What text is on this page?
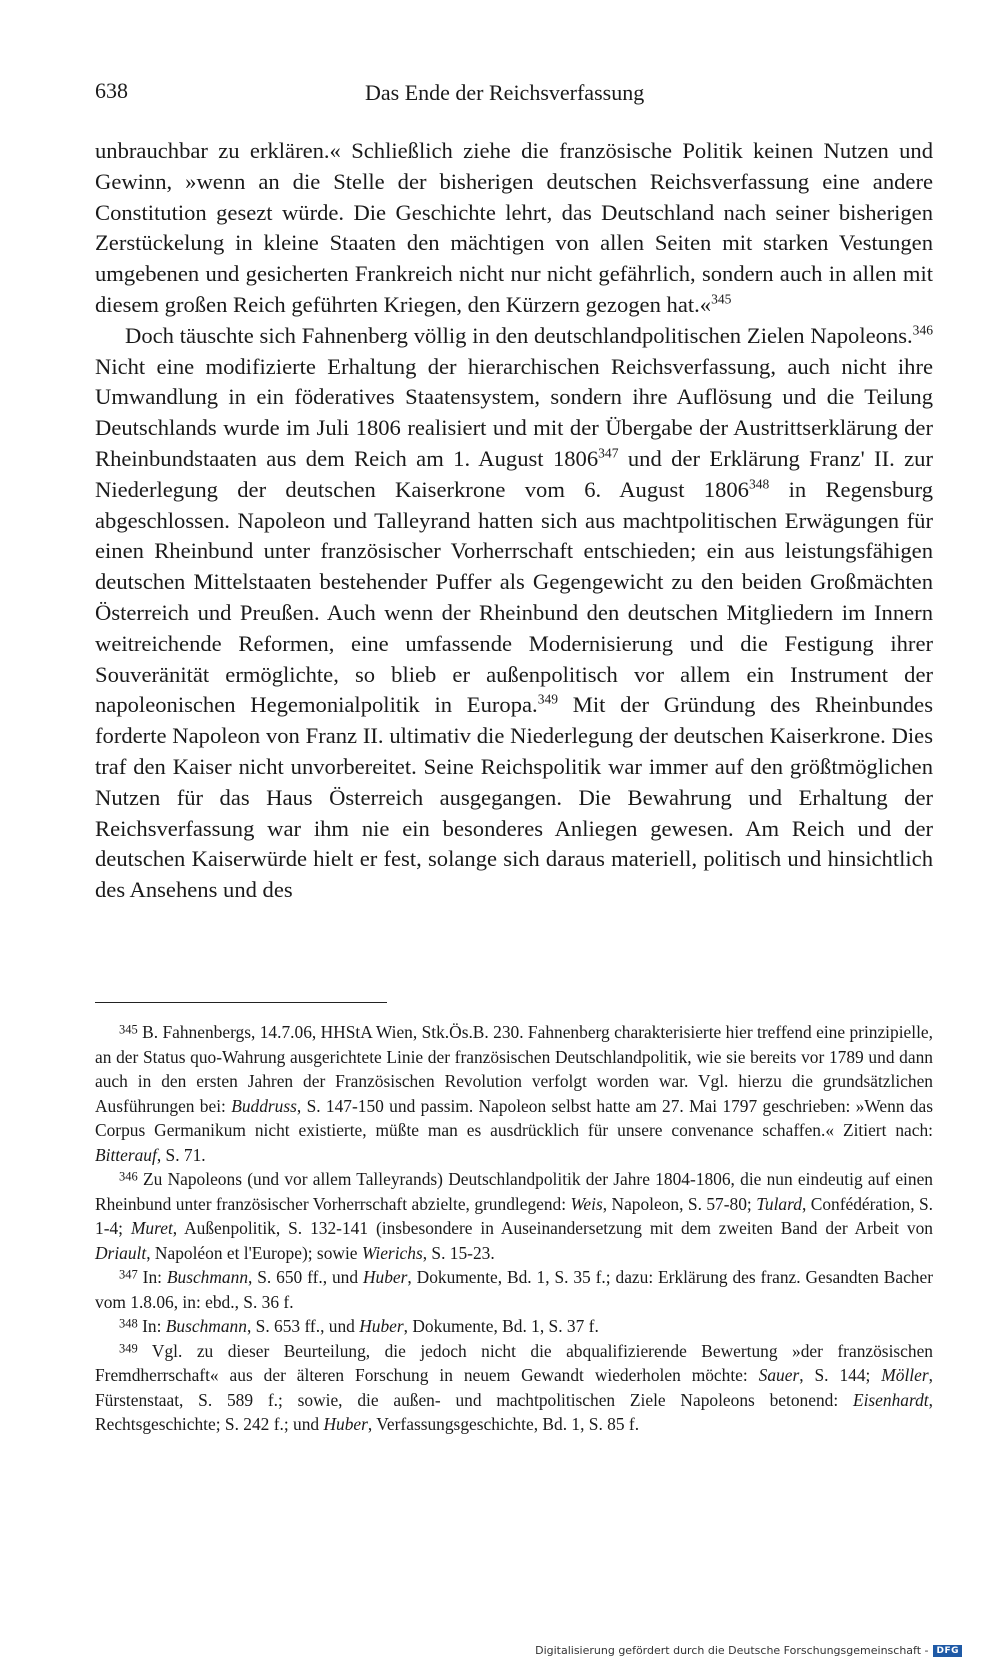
638	Das Ende der Reichsverfassung

unbrauchbar zu erklären.« Schließlich ziehe die französische Politik keinen Nutzen und Gewinn, »wenn an die Stelle der bisherigen deutschen Reichsverfassung eine andere Constitution gesezt würde. Die Geschichte lehrt, das Deutschland nach seiner bisherigen Zerstückelung in kleine Staaten den mächtigen von allen Seiten mit starken Vestungen umgebenen und gesicherten Frankreich nicht nur nicht gefährlich, sondern auch in allen mit diesem großen Reich geführten Kriegen, den Kürzern gezogen hat.«$^{345}$

Doch täuschte sich Fahnenberg völlig in den deutschlandpolitischen Zielen Napoleons.$^{346}$ Nicht eine modifizierte Erhaltung der hierarchischen Reichsverfassung, auch nicht ihre Umwandlung in ein föderatives Staatensystem, sondern ihre Auflösung und die Teilung Deutschlands wurde im Juli 1806 realisiert und mit der Übergabe der Austrittserklärung der Rheinbundstaaten aus dem Reich am 1. August 1806$^{347}$ und der Erklärung Franz' II. zur Niederlegung der deutschen Kaiserkrone vom 6. August 1806$^{348}$ in Regensburg abgeschlossen. Napoleon und Talleyrand hatten sich aus machtpolitischen Erwägungen für einen Rheinbund unter französischer Vorherrschaft entschieden; ein aus leistungsfähigen deutschen Mittelstaaten bestehender Puffer als Gegengewicht zu den beiden Großmächten Österreich und Preußen. Auch wenn der Rheinbund den deutschen Mitgliedern im Innern weitreichende Reformen, eine umfassende Modernisierung und die Festigung ihrer Souveränität ermöglichte, so blieb er außenpolitisch vor allem ein Instrument der napoleonischen Hegemonialpolitik in Europa.$^{349}$ Mit der Gründung des Rheinbundes forderte Napoleon von Franz II. ultimativ die Niederlegung der deutschen Kaiserkrone. Dies traf den Kaiser nicht unvorbereitet. Seine Reichspolitik war immer auf den größtmöglichen Nutzen für das Haus Österreich ausgegangen. Die Bewahrung und Erhaltung der Reichsverfassung war ihm nie ein besonderes Anliegen gewesen. Am Reich und der deutschen Kaiserwürde hielt er fest, solange sich daraus materiell, politisch und hinsichtlich des Ansehens und des

$^{345}$ B. Fahnenbergs, 14.7.06, HHStA Wien, Stk.Ös.B. 230. Fahnenberg charakterisierte hier treffend eine prinzipielle, an der Status quo-Wahrung ausgerichtete Linie der französischen Deutschlandpolitik, wie sie bereits vor 1789 und dann auch in den ersten Jahren der Französischen Revolution verfolgt worden war. Vgl. hierzu die grundsätzlichen Ausführungen bei: Buddruss, S. 147-150 und passim. Napoleon selbst hatte am 27. Mai 1797 geschrieben: »Wenn das Corpus Germanikum nicht existierte, müßte man es ausdrücklich für unsere convenance schaffen.« Zitiert nach: Bitterauf, S. 71.

$^{346}$ Zu Napoleons (und vor allem Talleyrands) Deutschlandpolitik der Jahre 1804-1806, die nun eindeutig auf einen Rheinbund unter französischer Vorherrschaft abzielte, grundlegend: Weis, Napoleon, S. 57-80; Tulard, Confédération, S. 1-4; Muret, Außenpolitik, S. 132-141 (insbesondere in Auseinandersetzung mit dem zweiten Band der Arbeit von Driault, Napoléon et l'Europe); sowie Wierichs, S. 15-23.

$^{347}$ In: Buschmann, S. 650 ff., und Huber, Dokumente, Bd. 1, S. 35 f.; dazu: Erklärung des franz. Gesandten Bacher vom 1.8.06, in: ebd., S. 36 f.

$^{348}$ In: Buschmann, S. 653 ff., und Huber, Dokumente, Bd. 1, S. 37 f.

$^{349}$ Vgl. zu dieser Beurteilung, die jedoch nicht die abqualifizierende Bewertung »der französischen Fremdherrschaft« aus der älteren Forschung in neuem Gewandt wiederholen möchte: Sauer, S. 144; Möller, Fürstenstaat, S. 589 f.; sowie, die außen- und machtpolitischen Ziele Napoleons betonend: Eisenhardt, Rechtsgeschichte; S. 242 f.; und Huber, Verfassungsgeschichte, Bd. 1, S. 85 f.

Digitalisierung gefördert durch die Deutsche Forschungsgemeinschaft - DFG
